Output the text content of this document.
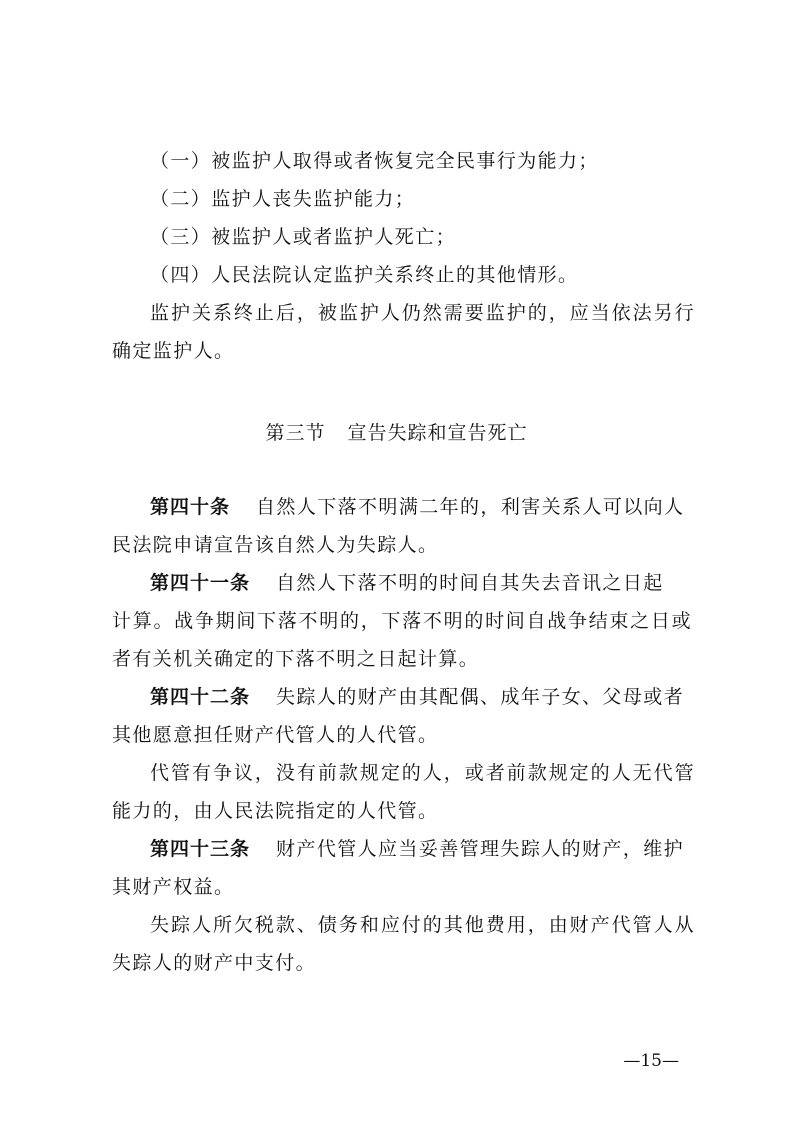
（一）被监护人取得或者恢复完全民事行为能力；
（二）监护人丧失监护能力；
（三）被监护人或者监护人死亡；
（四）人民法院认定监护关系终止的其他情形。
监护关系终止后，被监护人仍然需要监护的，应当依法另行
确定监护人。
第三节 宣告失踪和宣告死亡
第四十条 自然人下落不明满二年的，利害关系人可以向人
民法院申请宣告该自然人为失踪人。
第四十一条 自然人下落不明的时间自其失去音讯之日起
计算。战争期间下落不明的，下落不明的时间自战争结束之日或
者有关机关确定的下落不明之日起计算。
第四十二条 失踪人的财产由其配偶、成年子女、父母或者
其他愿意担任财产代管人的人代管。
代管有争议，没有前款规定的人，或者前款规定的人无代管
能力的，由人民法院指定的人代管。
第四十三条 财产代管人应当妥善管理失踪人的财产，维护
其财产权益。
失踪人所欠税款、债务和应付的其他费用，由财产代管人从
失踪人的财产中支付。
—15—
